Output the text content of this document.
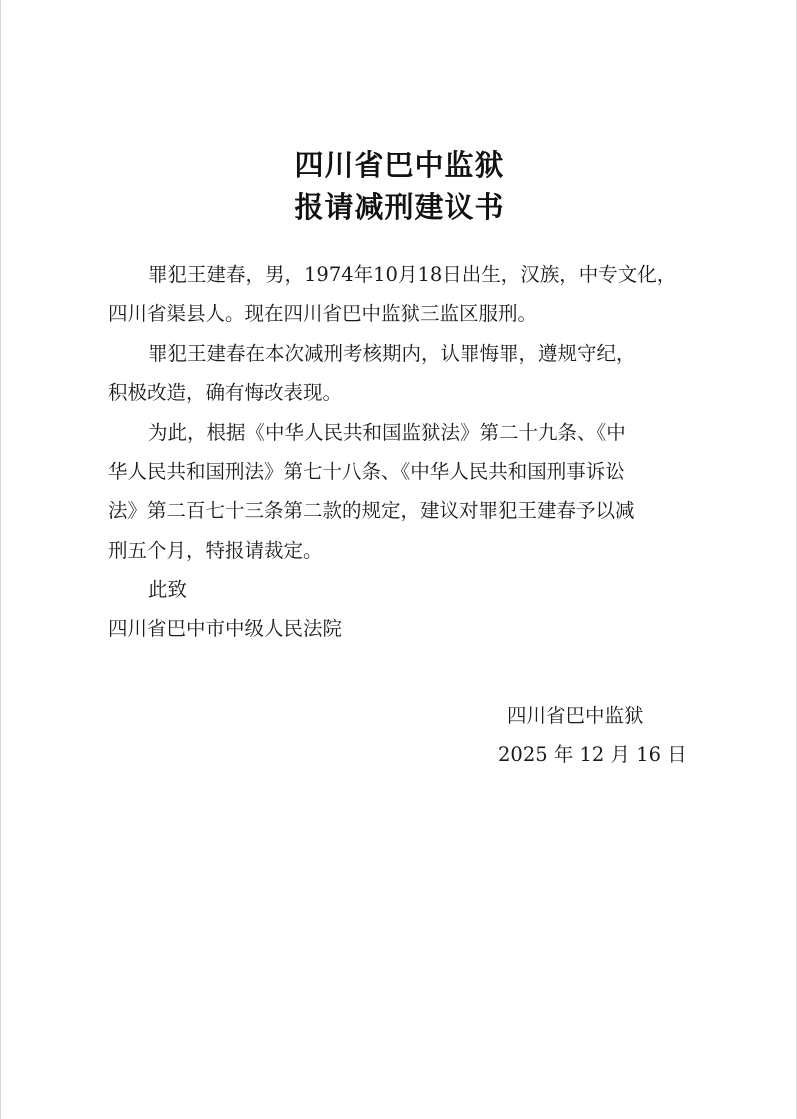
四川省巴中监狱
报请减刑建议书
罪犯王建春，男，1974年10月18日出生，汉族，中专文化，
四川省渠县人。现在四川省巴中监狱三监区服刑。
罪犯王建春在本次减刑考核期内，认罪悔罪，遵规守纪，
积极改造，确有悔改表现。
为此，根据《中华人民共和国监狱法》第二十九条、《中
华人民共和国刑法》第七十八条、《中华人民共和国刑事诉讼
法》第二百七十三条第二款的规定，建议对罪犯王建春予以减
刑五个月，特报请裁定。
此致
四川省巴中市中级人民法院
四川省巴中监狱
2025 年 12 月 16 日
